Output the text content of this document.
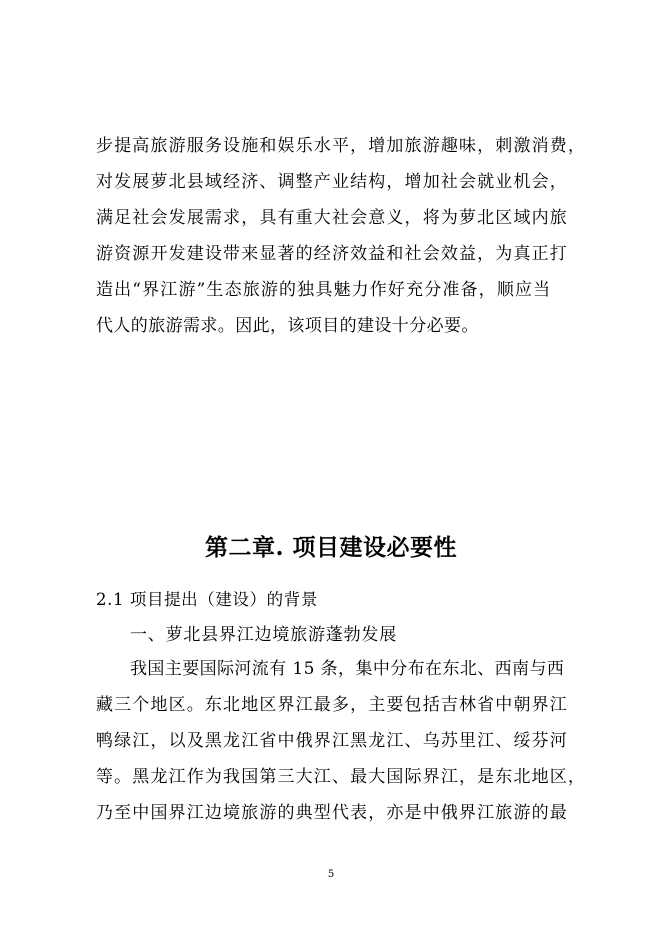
步提高旅游服务设施和娱乐水平，增加旅游趣味，刺激消费，
对发展萝北县域经济、调整产业结构，增加社会就业机会，
满足社会发展需求，具有重大社会意义，将为萝北区域内旅
游资源开发建设带来显著的经济效益和社会效益，为真正打
造出“界江游”生态旅游的独具魅力作好充分准备，顺应当
代人的旅游需求。因此，该项目的建设十分必要。
第二章. 项目建设必要性
2.1 项目提出（建设）的背景
一、萝北县界江边境旅游蓬勃发展
我国主要国际河流有 15 条，集中分布在东北、西南与西
藏三个地区。东北地区界江最多，主要包括吉林省中朝界江
鸭绿江，以及黑龙江省中俄界江黑龙江、乌苏里江、绥芬河
等。黑龙江作为我国第三大江、最大国际界江，是东北地区，
乃至中国界江边境旅游的典型代表，亦是中俄界江旅游的最
5
